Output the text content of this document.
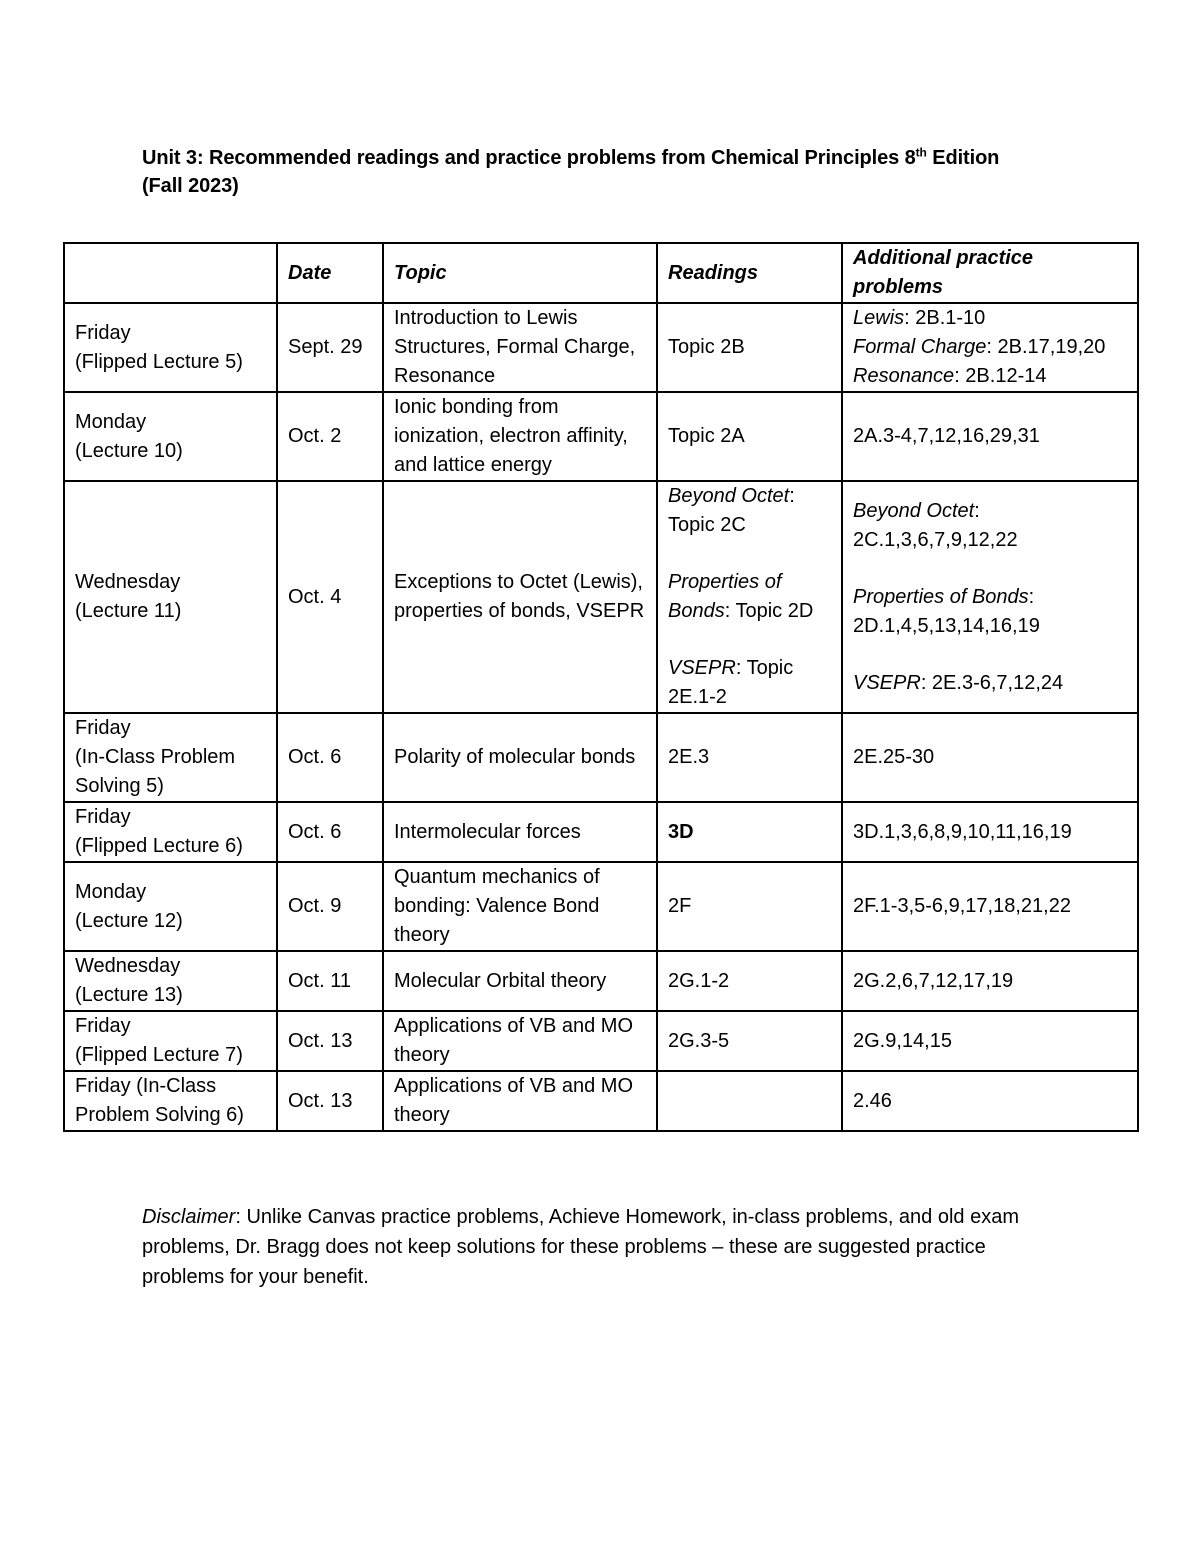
Unit 3: Recommended readings and practice problems from Chemical Principles 8th Edition
(Fall 2023)
	Date	Topic	Readings	Additional practice problems
Friday
(Flipped Lecture 5)	Sept. 29	Introduction to Lewis Structures, Formal Charge, Resonance	Topic 2B	Lewis: 2B.1-10
Formal Charge: 2B.17,19,20
Resonance: 2B.12-14
Monday
(Lecture 10)	Oct. 2	Ionic bonding from ionization, electron affinity, and lattice energy	Topic 2A	2A.3-4,7,12,16,29,31
Wednesday
(Lecture 11)	Oct. 4	Exceptions to Octet (Lewis), properties of bonds, VSEPR	Beyond Octet: Topic 2C
Properties of Bonds: Topic 2D
VSEPR: Topic 2E.1-2	Beyond Octet:
2C.1,3,6,7,9,12,22
Properties of Bonds:
2D.1,4,5,13,14,16,19
VSEPR: 2E.3-6,7,12,24
Friday
(In-Class Problem Solving 5)	Oct. 6	Polarity of molecular bonds	2E.3	2E.25-30
Friday
(Flipped Lecture 6)	Oct. 6	Intermolecular forces	3D	3D.1,3,6,8,9,10,11,16,19
Monday
(Lecture 12)	Oct. 9	Quantum mechanics of bonding: Valence Bond theory	2F	2F.1-3,5-6,9,17,18,21,22
Wednesday
(Lecture 13)	Oct. 11	Molecular Orbital theory	2G.1-2	2G.2,6,7,12,17,19
Friday
(Flipped Lecture 7)	Oct. 13	Applications of VB and MO theory	2G.3-5	2G.9,14,15
Friday (In-Class
Problem Solving 6)	Oct. 13	Applications of VB and MO theory		2.46
Disclaimer: Unlike Canvas practice problems, Achieve Homework, in-class problems, and old exam problems, Dr. Bragg does not keep solutions for these problems – these are suggested practice problems for your benefit.
